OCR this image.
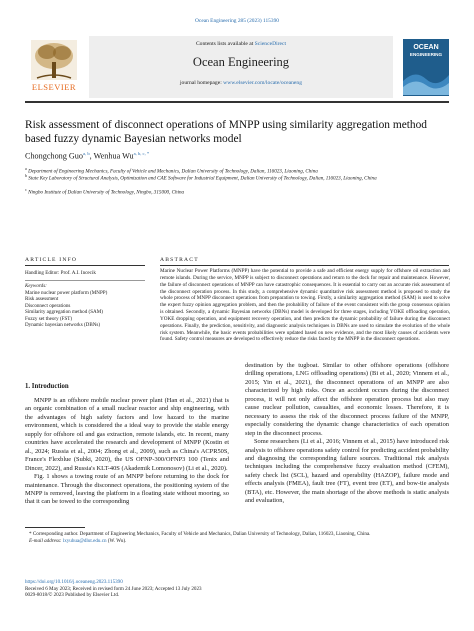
Ocean Engineering 285 (2023) 115390
ELSEVIER
Contents lists available at ScienceDirect
Ocean Engineering
journal homepage: www.elsevier.com/locate/oceaneng
OCEAN
ENGINEERING
Risk assessment of disconnect operations of MNPP using similarity aggregation method based fuzzy dynamic Bayesian networks model
Chongchong Guo$^{a, b}$, Wenhua $Wu^{a, b, c, *}$
$^a$ Department of Engineering Mechanics, Faculty of Vehicle and Mechanics, Dalian University of Technology, Dalian, 116023, Liaoning, China
$^b$ State Key Laboratory of Structural Analysis, Optimization and CAE Software for Industrial Equipment, Dalian University of Technology, Dalian, 116023, Liaoning, China
$^c$ Ningbo Institute of Dalian University of Technology, Ningbo, 315000, China
ARTICLE INFO
Handling Editor: Prof. A.I. Incecik
Keywords:
Marine nuclear power platform (MNPP)
Risk assessment
Disconnect operations
Similarity aggregation method (SAM)
Fuzzy set theory (FST)
Dynamic bayesian networks (DBNs)
ABSTRACT
Marine Nuclear Power Platforms (MNPP) have the potential to provide a safe and efficient energy supply for offshore oil extraction and remote islands. During the service, MNPP is subject to disconnect operations and return to the dock for repair and maintenance. However, the failure of disconnect operations of MNPP can have catastrophic consequences. It is essential to carry out an accurate risk assessment of the disconnect operation process. In this study, a comprehensive dynamic quantitative risk assessment method is proposed to study the whole process of MNPP disconnect operations from preparation to towing. Firstly, a similarity aggregation method (SAM) is used to solve the expert fuzzy opinion aggregation problem, and then the probability of failure of the event consistent with the group consensus opinion is obtained. Secondly, a dynamic Bayesian networks (DBNs) model is developed for three stages, including YOKE offloading operation, YOKE dropping operation, and equipment recovery operation, and then predicts the dynamic probability of failure during the disconnect operations. Finally, the prediction, sensitivity, and diagnostic analysis techniques in DBNs are used to simulate the evolution of the whole risk system. Meanwhile, the basic events probabilities were updated based on new evidence, and the most likely causes of accidents were found. Safety control measures are developed to effectively reduce the risks faced by the MNPP in the disconnect operations.
1. Introduction

MNPP is an offshore mobile nuclear power plant (Han et al., 2021) that is an organic combination of a small nuclear reactor and ship engineering, with the advantages of high safety factors and low hazard to the marine environment, which is considered the a ideal way to provide the stable energy supply for offshore oil and gas extraction, remote islands, etc. In recent, many countries have accelerated the research and development of MNPP (Kostin et al., 2024; Russia et al., 2004; Zhong et al., 2009), such as China's ACPR50S, France's Flexblue (Subki, 2020), the US OFNP-300/OFNP3 100 (Tenix and Dincer, 2022), and Russia's KLT-40S (Akademik Lomonosov) (Li et al., 2020).

Fig. 1 shows a towing route of an MNPP before returning to the dock for maintenance. Through the disconnect operations, the positioning system of the MNPP is removed, leaving the platform in a floating state without mooring, so that it can be towed to the corresponding

destination by the tugboat. Similar to other offshore operations (offshore drilling operations, LNG offloading operations) (Bi et al., 2020; Vinnem et al., 2015; Yin et al., 2021), the disconnect operations of an MNPP are also characterized by high risks. Once an accident occurs during the disconnect process, it will not only affect the offshore operation process but also may cause nuclear pollution, casualties, and economic losses. Therefore, it is necessary to assess the risk of the disconnect process failure of the MNPP, especially considering the dynamic change characteristics of each operation step in the disconnect process.

Some researchers (Li et al., 2016; Vinnem et al., 2015) have introduced risk analysis to offshore operations safety control for predicting accident probability and diagnosing the corresponding failure sources. Traditional risk analysis techniques including the comprehensive fuzzy evaluation method (CFEM), safety check list (SCL), hazard and operability (HAZOP), failure mode and effects analysis (FMEA), fault tree (FT), event tree (ET), and bow-tie analysis (BTA), etc. However, the main shortage of the above methods is static analysis and evaluation,

* Corresponding author. Department of Engineering Mechanics, Faculty of Vehicle and Mechanics, Dalian University of Technology, Dalian, 116023, Liaoning, China.
E-mail address: lxyuhua@dlut.edu.cn (W. Wu).
https://doi.org/10.1016/j.oceaneng.2023.115390
Received 6 May 2023; Received in revised form 24 June 2023; Accepted 13 July 2023
0029-8018/© 2023 Published by Elsevier Ltd.
